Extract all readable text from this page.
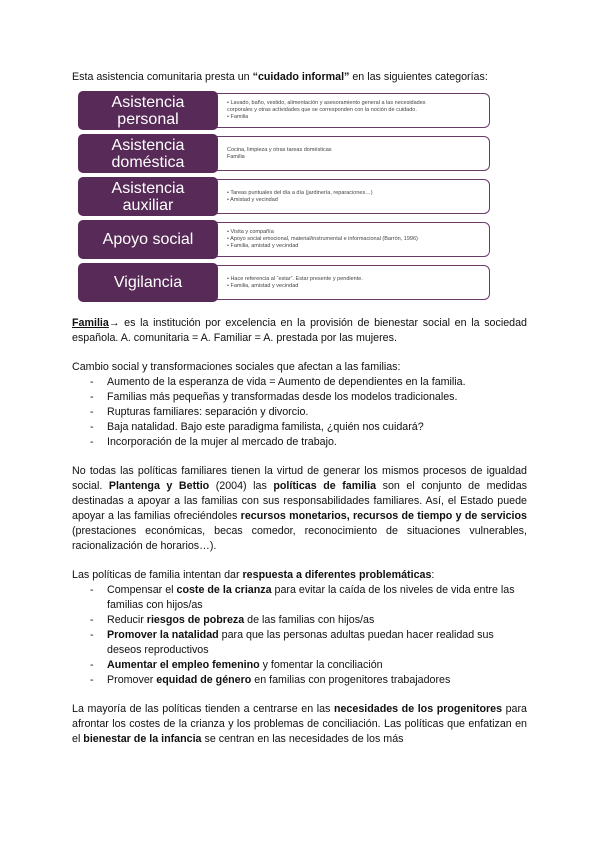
Esta asistencia comunitaria presta un “cuidado informal” en las siguientes categorías:

Asistencia
personal
• Lavado, baño, vestido, alimentación y asesoramiento general a las necesidades
corporales y otras actividades que se corresponden con la noción de cuidado.
• Familia
Asistencia
doméstica
Cocina, limpieza y otras tareas domésticas
Familia
Asistencia
auxiliar
• Tareas puntuales del día a día (jardinería, reparaciones…)
• Amistad y vecindad
Apoyo social	• Visita y compañía
• Apoyo social emocional, material/instrumental e informacional (Barrón, 1996)
• Familia, amistad y vecindad
Vigilancia	• Hace referencia al “estar”. Estar presente y pendiente.
• Familia, amistad y vecindad

Familia→ es la institución por excelencia en la provisión de bienestar social en la sociedad española. A. comunitaria = A. Familiar = A. prestada por las mujeres.

Cambio social y transformaciones sociales que afectan a las familias:

- Aumento de la esperanza de vida = Aumento de dependientes en la familia.
- Familias más pequeñas y transformadas desde los modelos tradicionales.
- Rupturas familiares: separación y divorcio.
- Baja natalidad. Bajo este paradigma familista, ¿quién nos cuidará?
- Incorporación de la mujer al mercado de trabajo.

No todas las políticas familiares tienen la virtud de generar los mismos procesos de igualdad social. Plantenga y Bettio (2004) las políticas de familia son el conjunto de medidas destinadas a apoyar a las familias con sus responsabilidades familiares. Así, el Estado puede apoyar a las familias ofreciéndoles recursos monetarios, recursos de tiempo y de servicios (prestaciones económicas, becas comedor, reconocimiento de situaciones vulnerables, racionalización de horarios…).

Las políticas de familia intentan dar respuesta a diferentes problemáticas:

- Compensar el coste de la crianza para evitar la caída de los niveles de vida entre las familias con hijos/as
- Reducir riesgos de pobreza de las familias con hijos/as
- Promover la natalidad para que las personas adultas puedan hacer realidad sus deseos reproductivos
- Aumentar el empleo femenino y fomentar la conciliación
- Promover equidad de género en familias con progenitores trabajadores

La mayoría de las políticas tienden a centrarse en las necesidades de los progenitores para afrontar los costes de la crianza y los problemas de conciliación. Las políticas que enfatizan en el bienestar de la infancia se centran en las necesidades de los más
